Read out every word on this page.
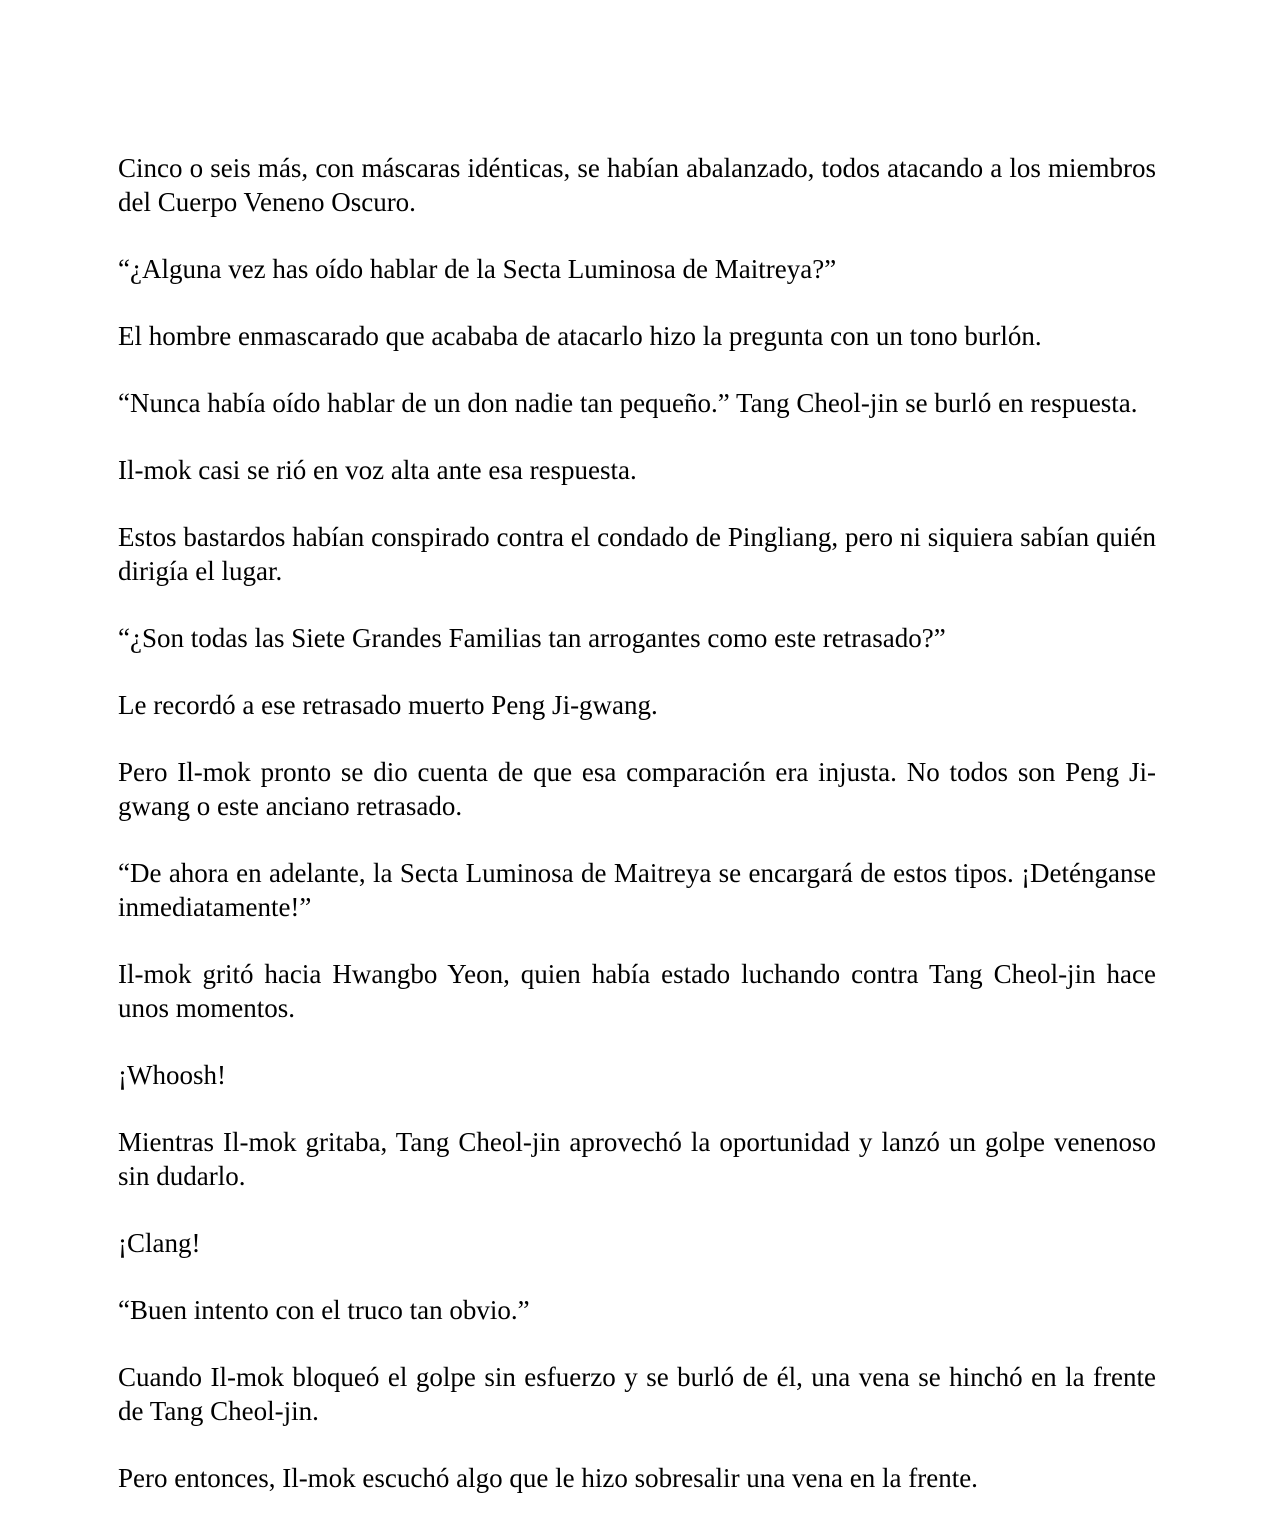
Cinco o seis más, con máscaras idénticas, se habían abalanzado, todos atacando a los miembros del Cuerpo Veneno Oscuro.

“¿Alguna vez has oído hablar de la Secta Luminosa de Maitreya?”

El hombre enmascarado que acababa de atacarlo hizo la pregunta con un tono burlón.

“Nunca había oído hablar de un don nadie tan pequeño.” Tang Cheol-jin se burló en respuesta.

Il-mok casi se rió en voz alta ante esa respuesta.

Estos bastardos habían conspirado contra el condado de Pingliang, pero ni siquiera sabían quién dirigía el lugar.

“¿Son todas las Siete Grandes Familias tan arrogantes como este retrasado?”

Le recordó a ese retrasado muerto Peng Ji-gwang.

Pero Il-mok pronto se dio cuenta de que esa comparación era injusta. No todos son Peng Ji-gwang o este anciano retrasado.

“De ahora en adelante, la Secta Luminosa de Maitreya se encargará de estos tipos. ¡Deténganse inmediatamente!”

Il-mok gritó hacia Hwangbo Yeon, quien había estado luchando contra Tang Cheol-jin hace unos momentos.

¡Whoosh!

Mientras Il-mok gritaba, Tang Cheol-jin aprovechó la oportunidad y lanzó un golpe venenoso sin dudarlo.

¡Clang!

“Buen intento con el truco tan obvio.”

Cuando Il-mok bloqueó el golpe sin esfuerzo y se burló de él, una vena se hinchó en la frente de Tang Cheol-jin.

Pero entonces, Il-mok escuchó algo que le hizo sobresalir una vena en la frente.
